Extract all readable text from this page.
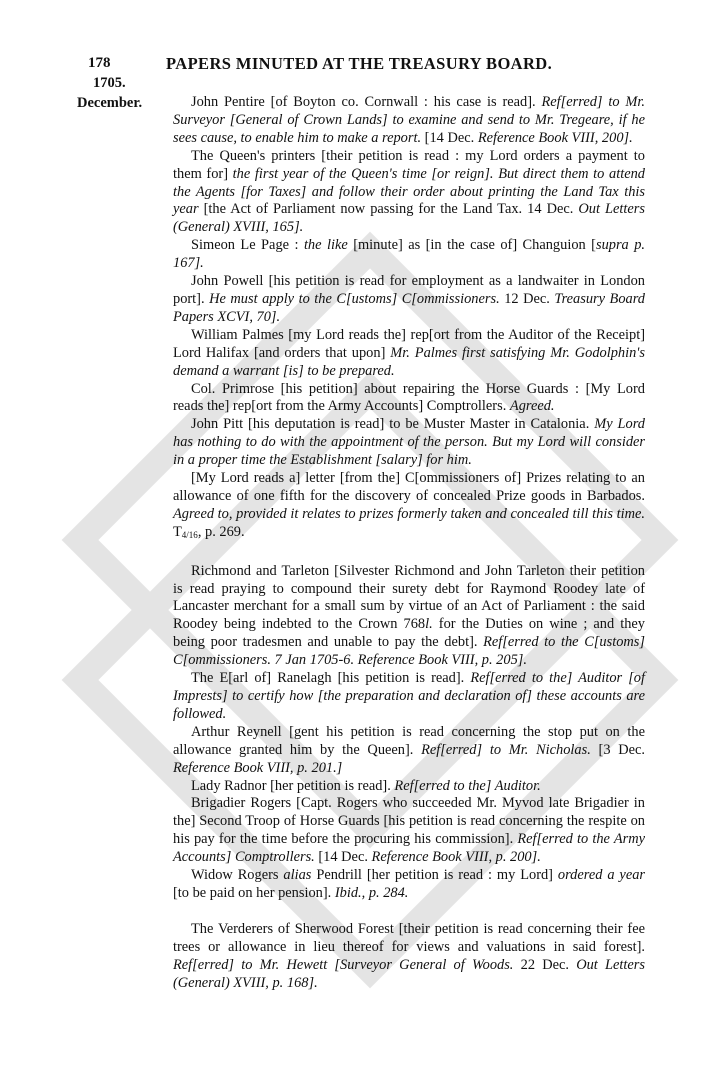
178	PAPERS MINUTED AT THE TREASURY BOARD.
1705.
December.	John Pentire [of Boyton co. Cornwall : his case is read]. Ref[erred] to Mr. Surveyor [General of Crown Lands] to examine and send to Mr. Tregeare, if he sees cause, to enable him to make a report. [14 Dec. Reference Book VIII, 200].

The Queen's printers [their petition is read : my Lord orders a payment to them for] the first year of the Queen's time [or reign]. But direct them to attend the Agents [for Taxes] and follow their order about printing the Land Tax this year [the Act of Parliament now passing for the Land Tax. 14 Dec. Out Letters (General) XVIII, 165].

Simeon Le Page : the like [minute] as [in the case of] Changuion [supra p. 167].

John Powell [his petition is read for employment as a landwaiter in London port]. He must apply to the C[ustoms] C[ommissioners. 12 Dec. Treasury Board Papers XCVI, 70].

William Palmes [my Lord reads the] rep[ort from the Auditor of the Receipt] Lord Halifax [and orders that upon] Mr. Palmes first satisfying Mr. Godolphin's demand a warrant [is] to be prepared.

Col. Primrose [his petition] about repairing the Horse Guards : [My Lord reads the] rep[ort from the Army Accounts] Comptrollers. Agreed.

John Pitt [his deputation is read] to be Muster Master in Catalonia. My Lord has nothing to do with the appointment of the person. But my Lord will consider in a proper time the Establishment [salary] for him.

[My Lord reads a] letter [from the] C[ommissioners of] Prizes relating to an allowance of one fifth for the discovery of concealed Prize goods in Barbados. Agreed to, provided it relates to prizes formerly taken and concealed till this time. $T_{4/16}$, p. 269.

Richmond and Tarleton [Silvester Richmond and John Tarleton their petition is read praying to compound their surety debt for Raymond Roodey late of Lancaster merchant for a small sum by virtue of an Act of Parliament : the said Roodey being indebted to the Crown 768l. for the Duties on wine ; and they being poor tradesmen and unable to pay the debt]. Ref[erred to the C[ustoms] C[ommissioners. 7 Jan 1705-6. Reference Book VIII, p. 205].

The E[arl of] Ranelagh [his petition is read]. Ref[erred to the] Auditor [of Imprests] to certify how [the preparation and declaration of] these accounts are followed.

Arthur Reynell [gent his petition is read concerning the stop put on the allowance granted him by the Queen]. Ref[erred] to Mr. Nicholas. [3 Dec. Reference Book VIII, p. 201.]

Lady Radnor [her petition is read]. Ref[erred to the] Auditor.

Brigadier Rogers [Capt. Rogers who succeeded Mr. Myvod late Brigadier in the] Second Troop of Horse Guards [his petition is read concerning the respite on his pay for the time before the procuring his commission]. Ref[erred to the Army Accounts] Comptrollers. [14 Dec. Reference Book VIII, p. 200].

Widow Rogers alias Pendrill [her petition is read : my Lord] ordered a year [to be paid on her pension]. Ibid., p. 284.

The Verderers of Sherwood Forest [their petition is read concerning their fee trees or allowance in lieu thereof for views and valuations in said forest]. Ref[erred] to Mr. Hewett [Surveyor General of Woods. 22 Dec. Out Letters (General) XVIII, p. 168].
